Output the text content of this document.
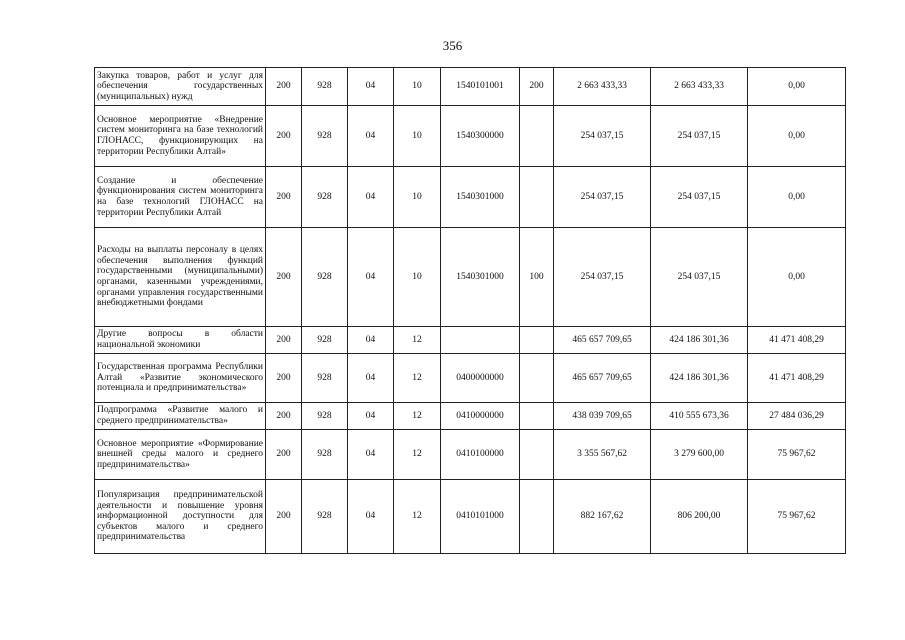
356
Закупка товаров, работ и услуг для обеспечения государственных (муниципальных) нужд	200	928	04	10	1540101001	200	2 663 433,33	2 663 433,33	0,00
Основное мероприятие «Внедрение систем мониторинга на базе технологий ГЛОНАСС, функционирующих на территории Республики Алтай»	200	928	04	10	1540300000		254 037,15	254 037,15	0,00
Создание и обеспечение функционирования систем мониторинга на базе технологий ГЛОНАСС на территории Республики Алтай	200	928	04	10	1540301000		254 037,15	254 037,15	0,00
Расходы на выплаты персоналу в целях обеспечения выполнения функций государственными (муниципальными) органами, казенными учреждениями, органами управления государственными внебюджетными фондами	200	928	04	10	1540301000	100	254 037,15	254 037,15	0,00
Другие вопросы в области национальной экономики	200	928	04	12			465 657 709,65	424 186 301,36	41 471 408,29
Государственная программа Республики Алтай «Развитие экономического потенциала и предпринимательства»	200	928	04	12	0400000000		465 657 709,65	424 186 301,36	41 471 408,29
Подпрограмма «Развитие малого и среднего предпринимательства»	200	928	04	12	0410000000		438 039 709,65	410 555 673,36	27 484 036,29
Основное мероприятие «Формирование внешней среды малого и среднего предпринимательства»	200	928	04	12	0410100000		3 355 567,62	3 279 600,00	75 967,62
Популяризация предпринимательской деятельности и повышение уровня информационной доступности для субъектов малого и среднего предпринимательства	200	928	04	12	0410101000		882 167,62	806 200,00	75 967,62
